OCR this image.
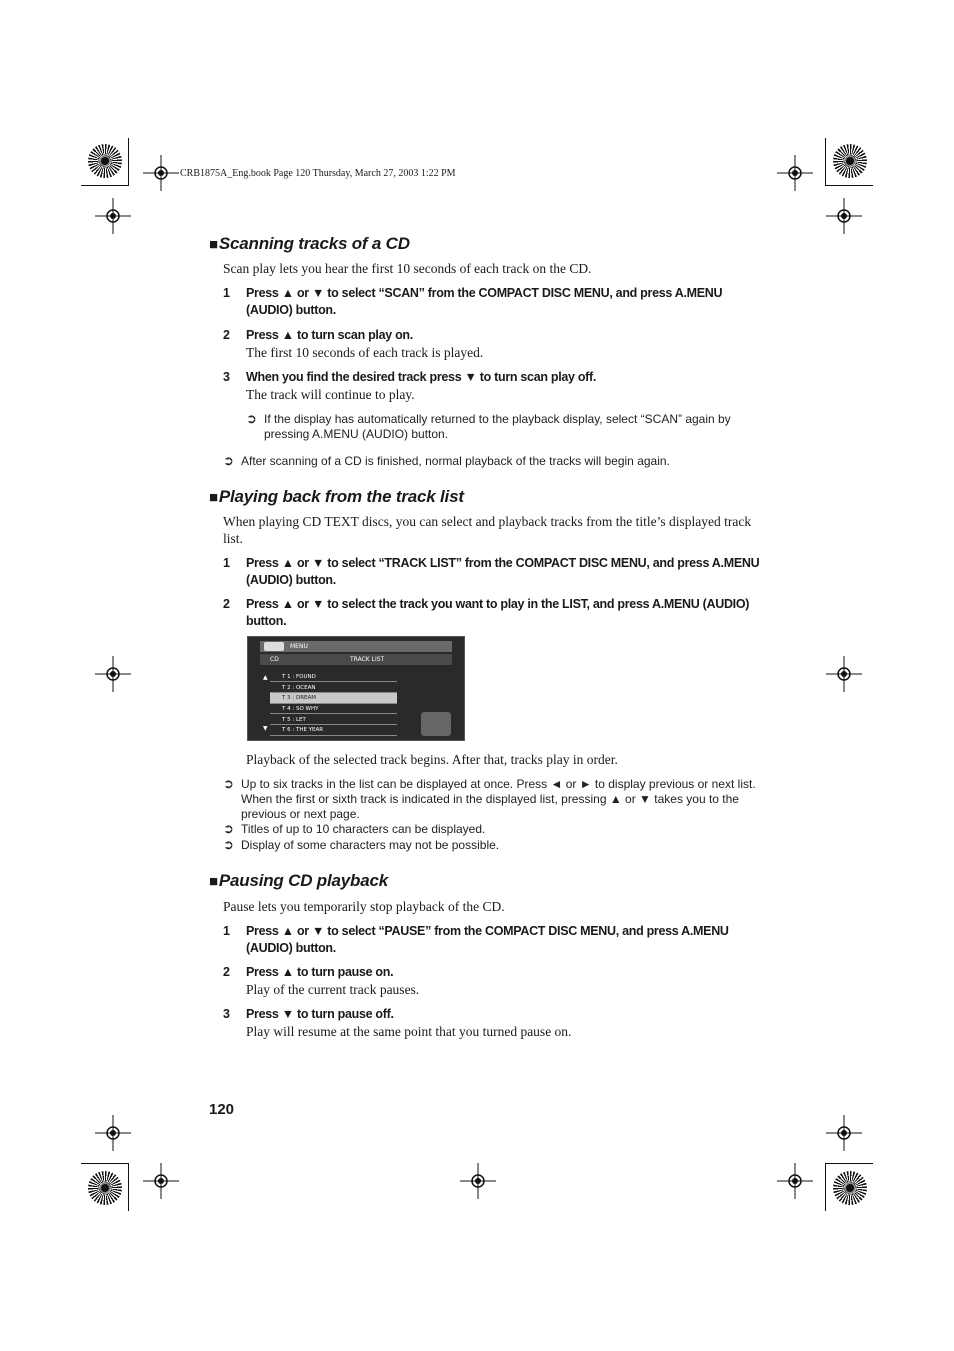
CRB1875A_Eng.book Page 120 Thursday, March 27, 2003 1:22 PM
■Scanning tracks of a CD
Scan play lets you hear the first 10 seconds of each track on the CD.
1	Press ▲ or ▼ to select “SCAN” from the COMPACT DISC MENU, and press A.MENU (AUDIO) button.
2	Press ▲ to turn scan play on.
The first 10 seconds of each track is played.
3	When you find the desired track press ▼ to turn scan play off.
The track will continue to play.
➲ If the display has automatically returned to the playback display, select “SCAN” again by pressing A.MENU (AUDIO) button.
➲ After scanning of a CD is finished, normal playback of the tracks will begin again.
■Playing back from the track list
When playing CD TEXT discs, you can select and playback tracks from the title’s displayed track list.
1	Press ▲ or ▼ to select “TRACK LIST” from the COMPACT DISC MENU, and press A.MENU (AUDIO) button.
2	Press ▲ or ▼ to select the track you want to play in the LIST, and press A.MENU (AUDIO) button.
MENU
CD	TRACK LIST
▲
▼
T 1 : FOUND
T 2 : OCEAN
T 3 : DREAM
T 4 : SO WHY
T 5 : LET
T 6 : THE YEAR
Playback of the selected track begins. After that, tracks play in order.
➲ Up to six tracks in the list can be displayed at once. Press ◄ or ► to display previous or next list. When the first or sixth track is indicated in the displayed list, pressing ▲ or ▼ takes you to the previous or next page.
➲ Titles of up to 10 characters can be displayed.
➲ Display of some characters may not be possible.
■Pausing CD playback
Pause lets you temporarily stop playback of the CD.
1	Press ▲ or ▼ to select “PAUSE” from the COMPACT DISC MENU, and press A.MENU (AUDIO) button.
2	Press ▲ to turn pause on.
Play of the current track pauses.
3	Press ▼ to turn pause off.
Play will resume at the same point that you turned pause on.
120
